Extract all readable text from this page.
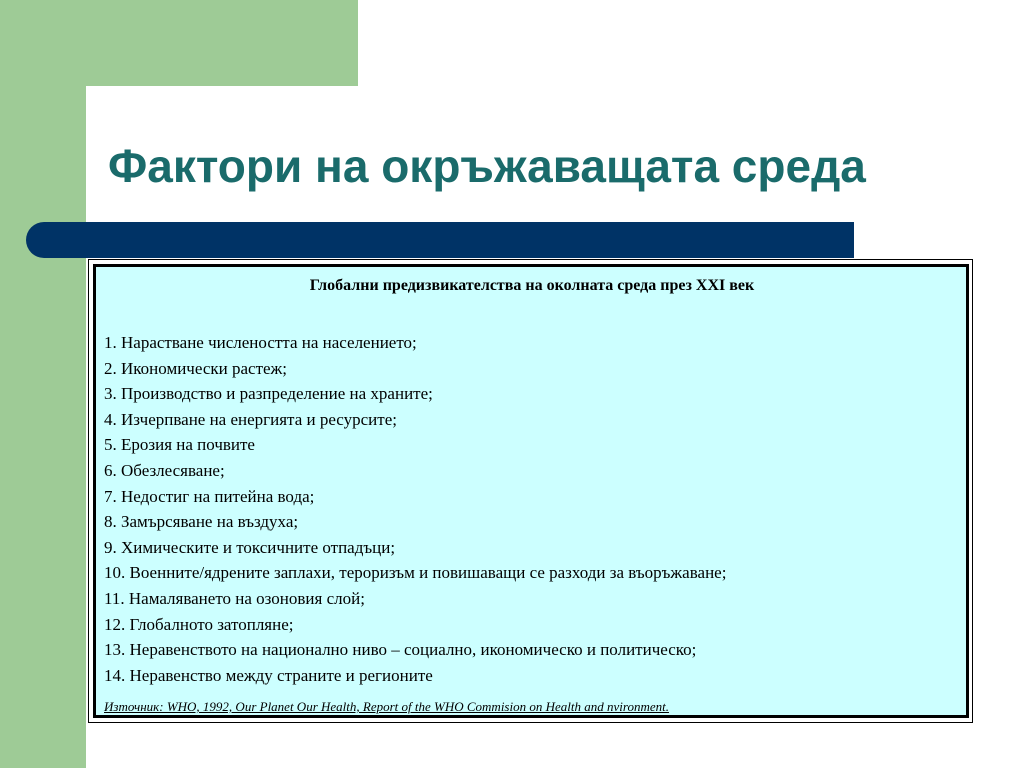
Фактори на окръжаващата среда

Глобални предизвикателства на околната среда през XXI век

1. Нарастване числеността на населението;
2. Икономически растеж;
3. Производство и разпределение на храните;
4. Изчерпване на енергията и ресурсите;
5. Ерозия на почвите
6. Обезлесяване;
7. Недостиг на питейна вода;
8. Замърсяване на въздуха;
9. Химическите и токсичните отпадъци;
10. Военните/ядрените заплахи, тероризъм и повишаващи се разходи за въоръжаване;
11. Намаляването на озоновия слой;
12. Глобалното затопляне;
13. Неравенството на национално ниво – социално, икономическо и политическо;
14. Неравенство между страните и регионите

Източник: WHO, 1992, Our Planet Our Health, Report of the WHO Commision on Health and nvironment.
